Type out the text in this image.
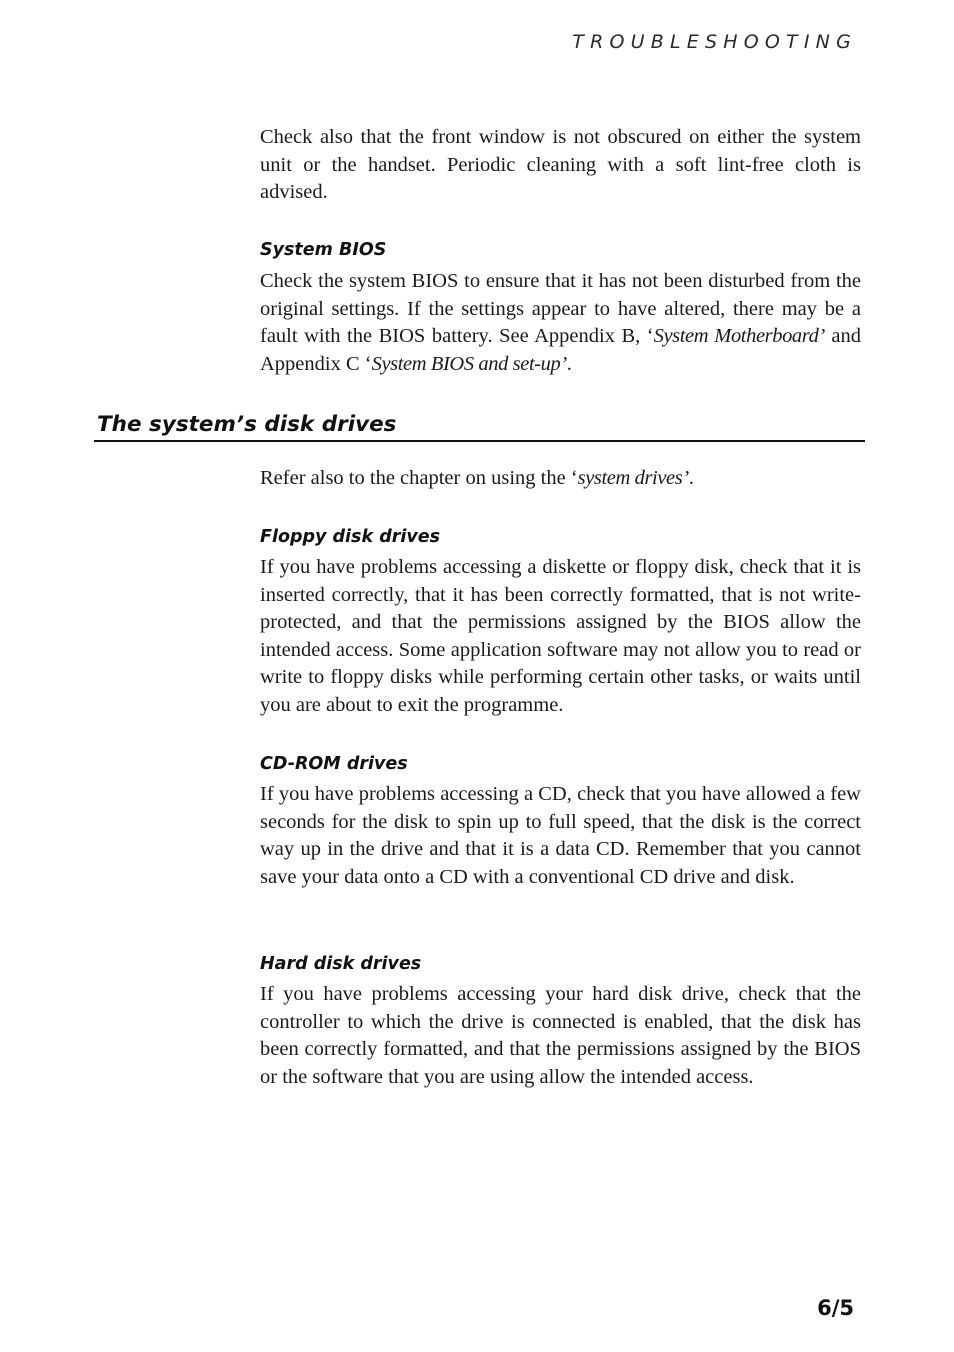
TROUBLESHOOTING

Check also that the front window is not obscured on either the system unit or the handset. Periodic cleaning with a soft lint-free cloth is advised.

System BIOS

Check the system BIOS to ensure that it has not been disturbed from the original settings. If the settings appear to have altered, there may be a fault with the BIOS battery. See Appendix B, ‘System Motherboard’ and Appendix C ‘System BIOS and set-up’.

The system’s disk drives

Refer also to the chapter on using the ‘system drives’.

Floppy disk drives

If you have problems accessing a diskette or floppy disk, check that it is inserted correctly, that it has been correctly formatted, that is not write-protected, and that the permissions assigned by the BIOS allow the intended access. Some application software may not allow you to read or write to floppy disks while performing certain other tasks, or waits until you are about to exit the programme.

CD-ROM drives

If you have problems accessing a CD, check that you have allowed a few seconds for the disk to spin up to full speed, that the disk is the correct way up in the drive and that it is a data CD. Remember that you cannot save your data onto a CD with a conventional CD drive and disk.

Hard disk drives

If you have problems accessing your hard disk drive, check that the controller to which the drive is connected is enabled, that the disk has been correctly formatted, and that the permissions assigned by the BIOS or the software that you are using allow the intended access.

6/5
